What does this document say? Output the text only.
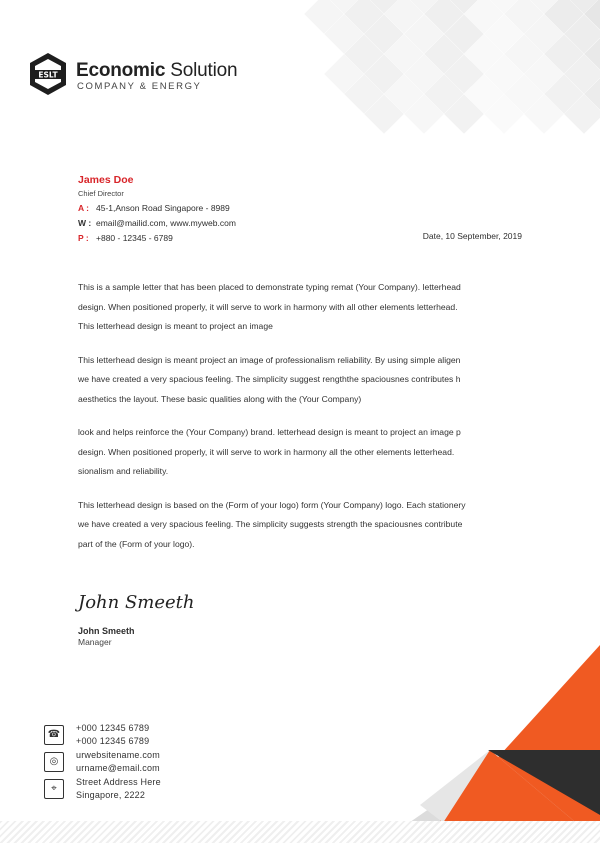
ESLT Economic Solution
COMPANY & ENERGY
James Doe
Chief Director
A : 45-1,Anson Road Singapore - 8989
W : email@mailid.com, www.myweb.com
P : +880 - 12345 - 6789	Date, 10 September, 2019
This is a sample letter that has been placed to demonstrate typing remat (Your Company). letterhead
design. When positioned properly, it will serve to work in harmony with all other elements letterhead.
This letterhead design is meant to project an image
This letterhead design is meant project an image of professionalism reliability. By using simple aligen
we have created a very spacious feeling. The simplicity suggest rengththe spaciousnes contributes h
aesthetics the layout. These basic qualities along with the (Your Company)
look and helps reinforce the (Your Company) brand. letterhead design is meant to project an image p
design. When positioned properly, it will serve to work in harmony all the other elements letterhead.
sionalism and reliability.
This letterhead design is based on the (Form of your logo) form (Your Company) logo. Each stationery
we have created a very spacious feeling. The simplicity suggests strength the spaciousnes contribute
part of the (Form of your logo).
John Smeeth
John Smeeth
Manager
☎
+000 12345 6789
+000 12345 6789
◎
urwebsitename.com
urname@email.com
⌖
Street Address Here
Singapore, 2222
